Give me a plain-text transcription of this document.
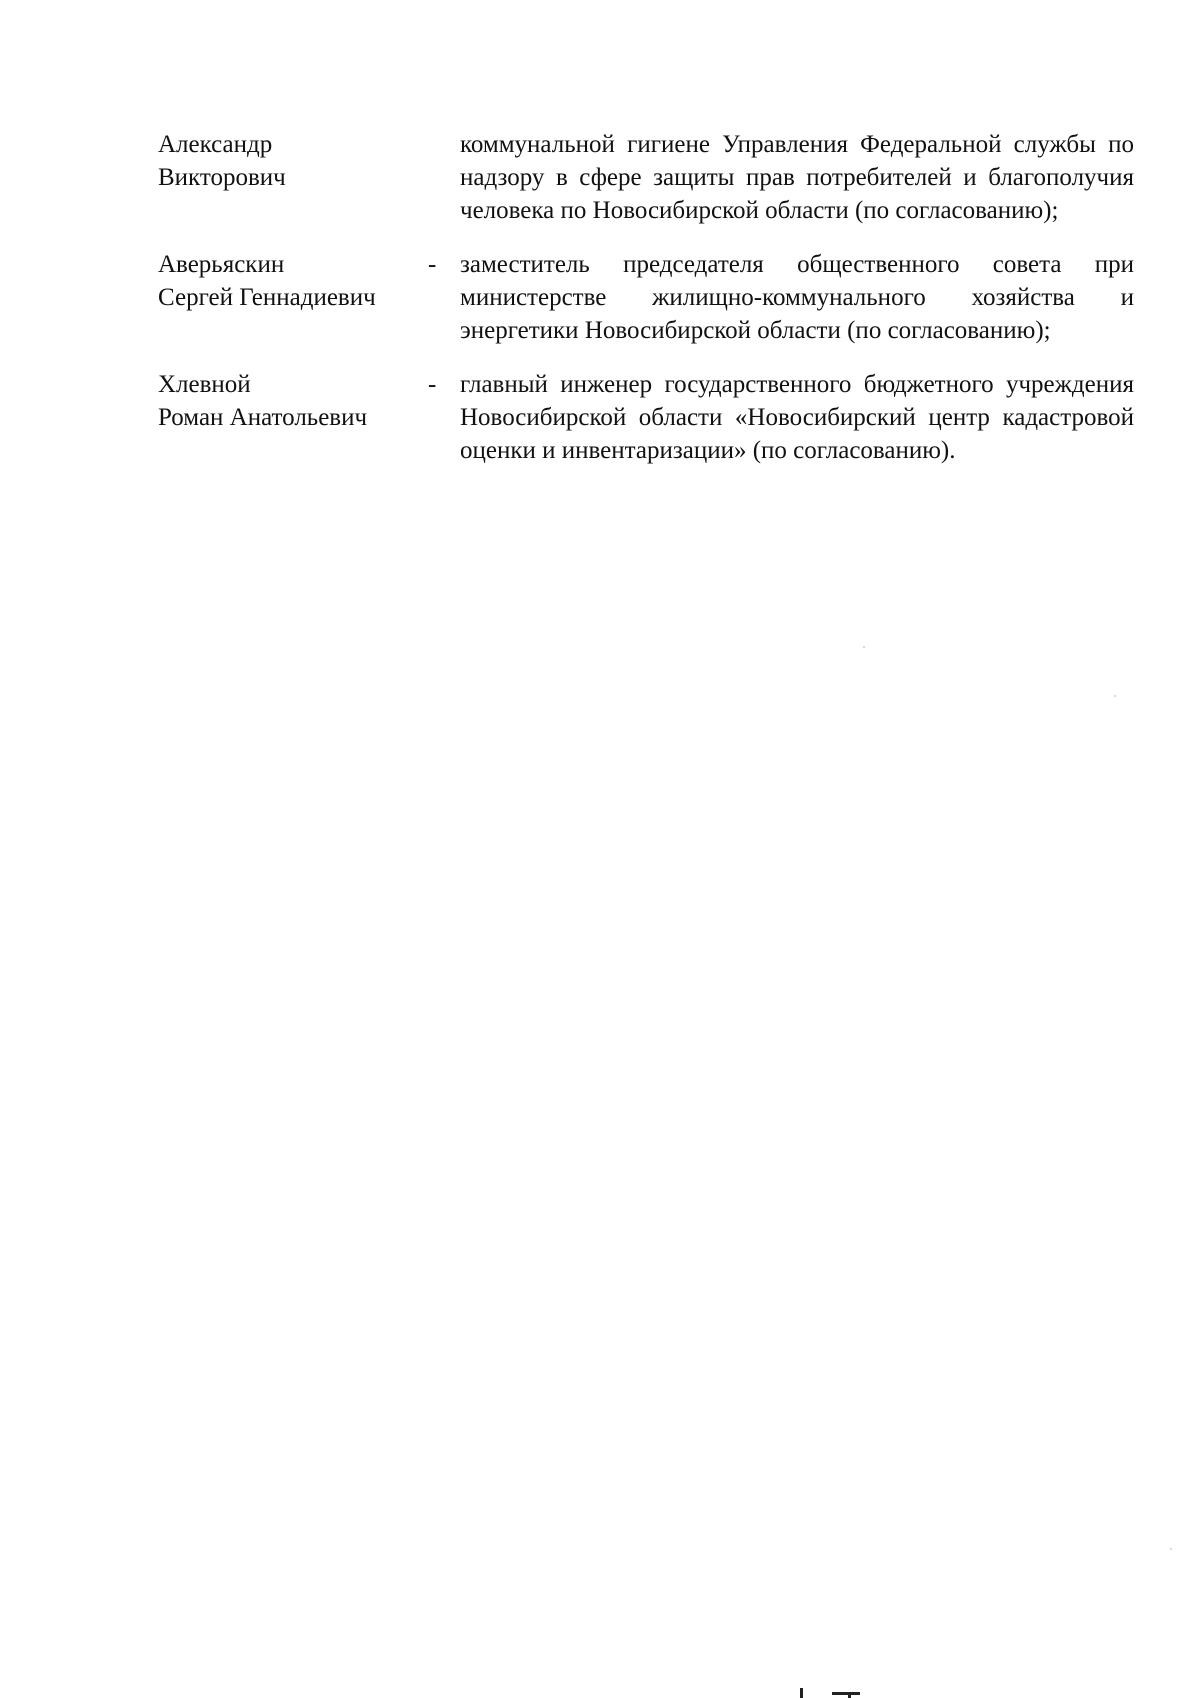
Александр
Викторович
коммунальной гигиене Управления Федеральной службы по надзору в сфере защиты прав потребителей и благополучия человека по Новосибирской области (по согласованию);
Аверьяскин
Сергей Геннадиевич
- заместитель председателя общественного совета при министерстве жилищно-коммунального хозяйства и энергетики Новосибирской области (по согласованию);
Хлевной
Роман Анатольевич
- главный инженер государственного бюджетного учреждения Новосибирской области «Новосибирский центр кадастровой оценки и инвентаризации» (по согласованию).
